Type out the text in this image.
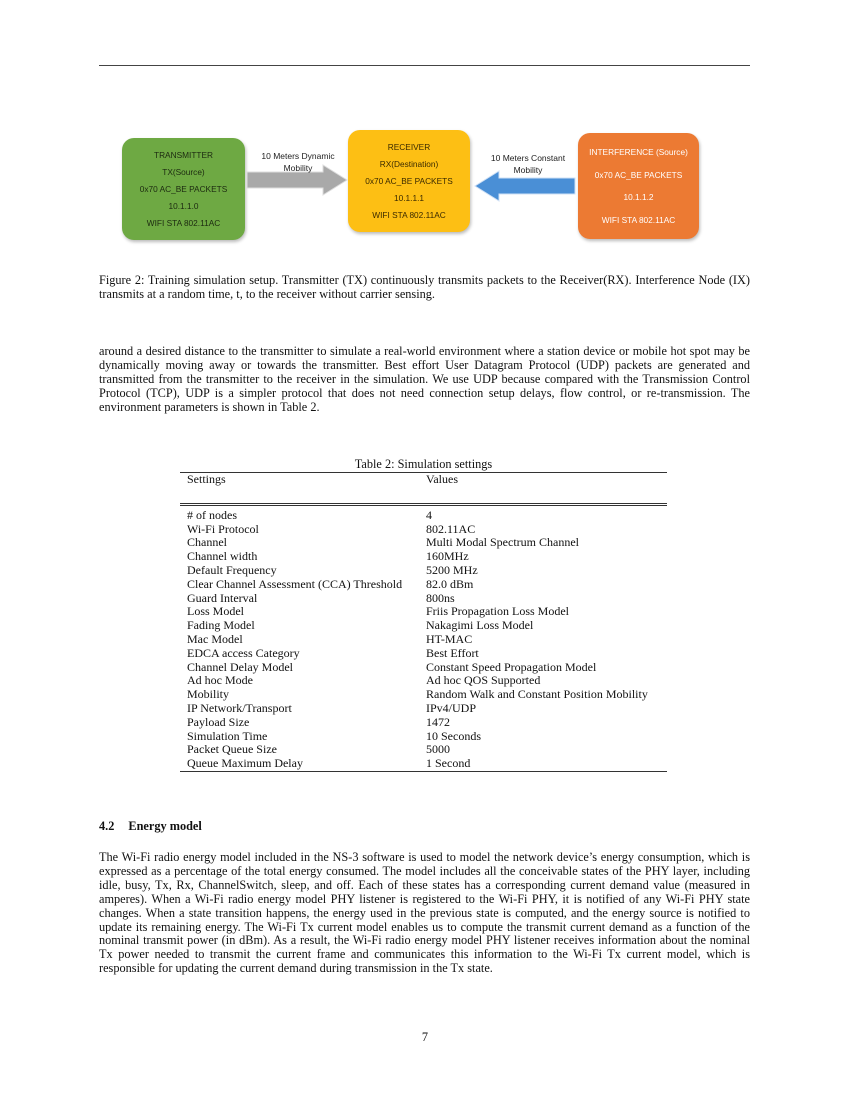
TRANSMITTER
TX(Source)
0x70 AC_BE PACKETS
10.1.1.0
WIFI STA 802.11AC
RECEIVER
RX(Destination)
0x70 AC_BE PACKETS
10.1.1.1
WIFI STA 802.11AC
INTERFERENCE (Source)
0x70 AC_BE PACKETS
10.1.1.2
WIFI STA 802.11AC
10 Meters Dynamic
Mobility
10 Meters Constant
Mobility
Figure 2: Training simulation setup. Transmitter (TX) continuously transmits packets to the Receiver(RX). Interference Node (IX) transmits at a random time, t, to the receiver without carrier sensing.
around a desired distance to the transmitter to simulate a real-world environment where a station device or mobile hot spot may be dynamically moving away or towards the transmitter. Best effort User Datagram Protocol (UDP) packets are generated and transmitted from the transmitter to the receiver in the simulation. We use UDP because compared with the Transmission Control Protocol (TCP), UDP is a simpler protocol that does not need connection setup delays, flow control, or re-transmission. The environment parameters is shown in Table 2.
Table 2: Simulation settings
Settings	Values
# of nodes	4
Wi-Fi Protocol	802.11AC
Channel	Multi Modal Spectrum Channel
Channel width	160MHz
Default Frequency	5200 MHz
Clear Channel Assessment (CCA) Threshold	82.0 dBm
Guard Interval	800ns
Loss Model	Friis Propagation Loss Model
Fading Model	Nakagimi Loss Model
Mac Model	HT-MAC
EDCA access Category	Best Effort
Channel Delay Model	Constant Speed Propagation Model
Ad hoc Mode	Ad hoc QOS Supported
Mobility	Random Walk and Constant Position Mobility
IP Network/Transport	IPv4/UDP
Payload Size	1472
Simulation Time	10 Seconds
Packet Queue Size	5000
Queue Maximum Delay	1 Second
4.2 Energy model
The Wi-Fi radio energy model included in the NS-3 software is used to model the network device’s energy consumption, which is expressed as a percentage of the total energy consumed. The model includes all the conceivable states of the PHY layer, including idle, busy, Tx, Rx, ChannelSwitch, sleep, and off. Each of these states has a corresponding current demand value (measured in amperes). When a Wi-Fi radio energy model PHY listener is registered to the Wi-Fi PHY, it is notified of any Wi-Fi PHY state changes. When a state transition happens, the energy used in the previous state is computed, and the energy source is notified to update its remaining energy. The Wi-Fi Tx current model enables us to compute the transmit current demand as a function of the nominal transmit power (in dBm). As a result, the Wi-Fi radio energy model PHY listener receives information about the nominal Tx power needed to transmit the current frame and communicates this information to the Wi-Fi Tx current model, which is responsible for updating the current demand during transmission in the Tx state.
7
